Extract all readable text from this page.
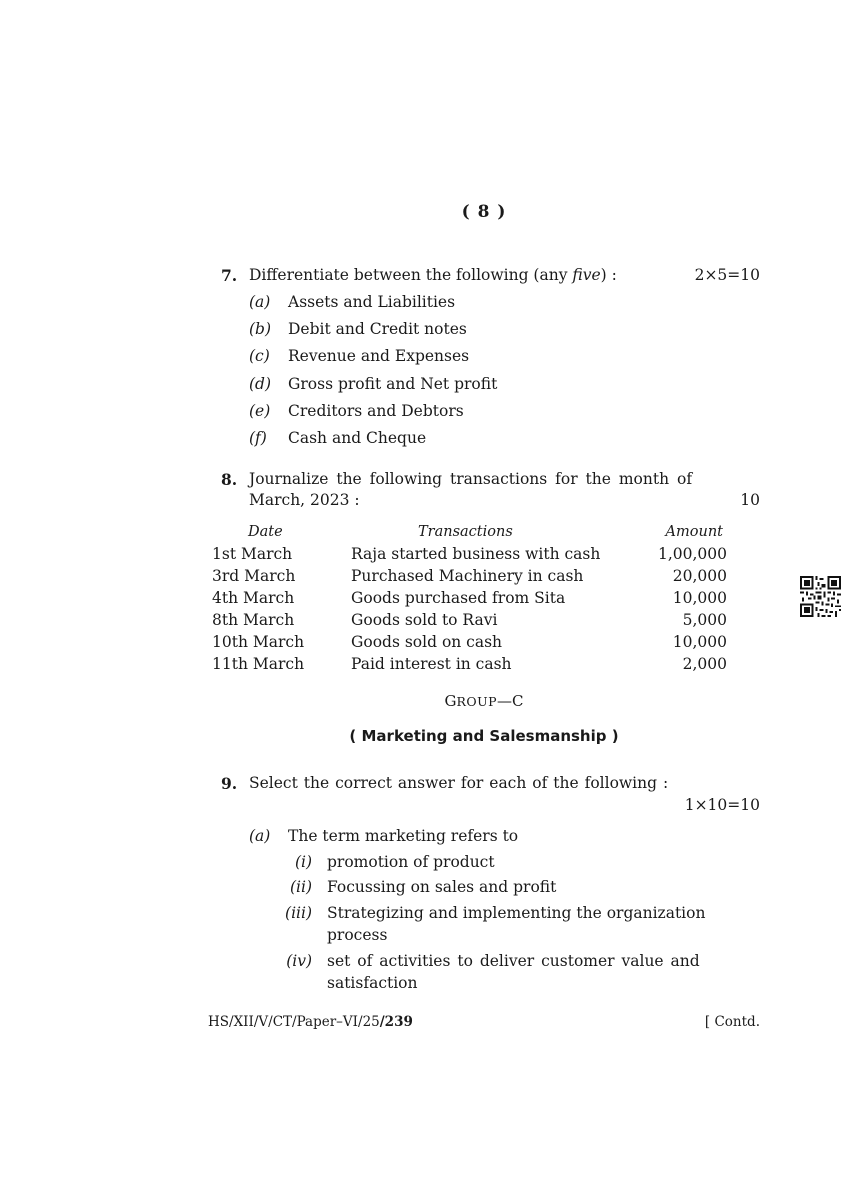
( 8 )
7. Differentiate between the following (any five) :	2×5=10
(a) Assets and Liabilities
(b) Debit and Credit notes
(c) Revenue and Expenses
(d) Gross profit and Net profit
(e) Creditors and Debtors
(f) Cash and Cheque
8. Journalize the following transactions for the month of
March, 2023 :	10
Date	Transactions	Amount
1st March	Raja started business with cash	1,00,000
3rd March	Purchased Machinery in cash	20,000
4th March	Goods purchased from Sita	10,000
8th March	Goods sold to Ravi	5,000
10th March	Goods sold on cash	10,000
11th March	Paid interest in cash	2,000
GROUP—C
( Marketing and Salesmanship )
9. Select the correct answer for each of the following :
1×10=10
(a) The term marketing refers to
(i) promotion of product
(ii) Focussing on sales and profit
(iii) Strategizing and implementing the organization
process
(iv) set of activities to deliver customer value and
satisfaction
HS/XII/V/CT/Paper–VI/25/239	[ Contd.
